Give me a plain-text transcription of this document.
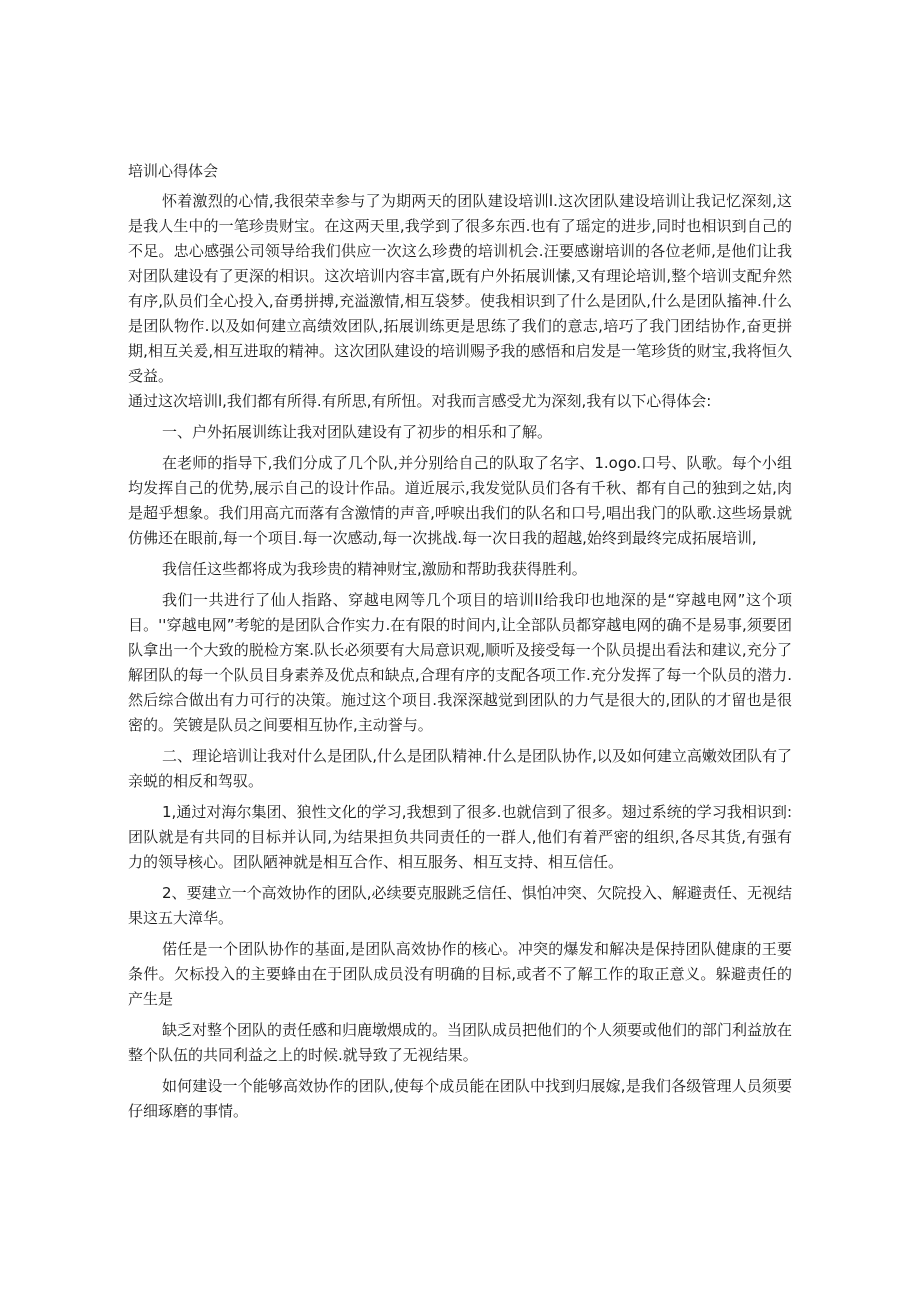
培训心得体会

怀着激烈的心情,我很荣幸参与了为期两天的团队建设培训l.这次团队建设培训让我记忆深刻,这是我人生中的一笔珍贵财宝。在这两天里,我学到了很多东西.也有了瑶定的进步,同时也相识到自己的不足。忠心感强公司领导给我们供应一次这么珍费的培训机会.汪要感谢培训的各位老师,是他们让我对团队建设有了更深的相识。这次培训内容丰富,既有户外拓展训愫,又有理论培训,整个培训支配弁然有序,队员们全心投入,奋勇拼搏,充溢激情,相互袋梦。使我相识到了什么是团队,什么是团队搐神.什么是团队物作.以及如何建立高绩效团队,拓展训练更是思练了我们的意志,培巧了我门团结协作,奋更拼期,相互关爰,相互进取的精神。这次团队建设的培训赐予我的感悟和启发是一笔珍货的财宝,我将恒久受益。

通过这次培训l,我们都有所得.有所思,有所忸。对我而言感受尤为深刻,我有以下心得体会:

一、户外拓展训练让我对团队建设有了初步的相乐和了解。

在老师的指导下,我们分成了几个队,并分别给自己的队取了名字、1.ogo.口号、队歌。每个小组均发挥自己的优势,展示自己的设计作品。道近展示,我发觉队员们各有千秋、都有自己的独到之姑,肉是超乎想象。我们用高亢而落有含激情的声音,呼唳出我们的队名和口号,唱出我门的队歌.这些场景就仿佛还在眼前,每一个项目.每一次感动,每一次挑战.每一次日我的超越,始终到最终完成拓展培训,

我信任这些都将成为我珍贵的精神财宝,激励和帮助我获得胜利。

我们一共进行了仙人指路、穿越电网等几个项目的培训ll给我印也地深的是“穿越电网”这个项目。''穿越电网”考鸵的是团队合作实力.在有限的时间内,让全部队员都穿越电网的确不是易事,须要团队拿出一个大致的脱检方案.队长必须要有大局意识观,顺听及接受每一个队员提出看法和建议,充分了解团队的每一个队员目身素养及优点和缺点,合理有序的支配各项工作.充分发挥了每一个队员的潜力.然后综合做出有力可行的决策。施过这个项目.我深深越觉到团队的力气是很大的,团队的才留也是很密的。笑镀是队员之间要相互协作,主动誉与。

二、理论培训让我对什么是团队,什么是团队精神.什么是团队协作,以及如何建立高嫩效团队有了亲蜕的相反和驾驭。

1,通过对海尔集团、狼性文化的学习,我想到了很多.也就信到了很多。翅过系统的学习我相识到:团队就是有共同的目标并认同,为结果担负共同责任的一群人,他们有着严密的组织,各尽其货,有强有力的领导核心。团队陋神就是相互合作、相互服务、相互支持、相互信任。

2、要建立一个高效协作的团队,必续要克服跳乏信任、惧怕冲突、欠院投入、解避责任、无视结果这五大漳华。

偌任是一个团队协作的基面,是团队高效协作的核心。冲突的爆发和解决是保持团队健康的王要条件。欠标投入的主要蜂由在于团队成员没有明确的目标,或者不了解工作的取正意义。躲避责任的产生是

缺乏对整个团队的责任感和归鹿墩煨成的。当团队成员把他们的个人须要或他们的部门利益放在整个队伍的共同利益之上的时候.就导致了无视结果。

如何建设一个能够高效协作的团队,使每个成员能在团队中找到归展嫁,是我们各级管理人员须要仔细琢磨的事情。
